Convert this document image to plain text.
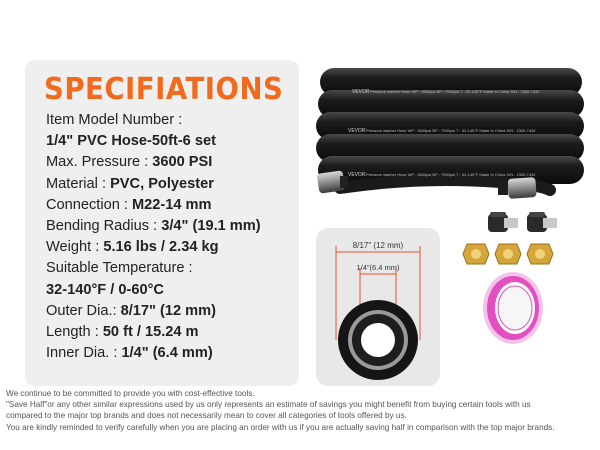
SPECIFIATIONS
Item Model Number :
1/4" PVC Hose-50ft-6 set
Max. Pressure : 3600 PSI
Material : PVC, Polyester
Connection : M22-14 mm
Bending Radius : 3/4" (19.1 mm)
Weight : 5.16 lbs / 2.34 kg
Suitable Temperature :
32-140°F / 0-60°C
Outer Dia.: 8/17" (12 mm)
Length : 50 ft / 15.24 m
Inner Dia. : 1/4" (6.4 mm)
VEVOR Pressure washer Hose WP : 3600psi BP : 7900psi T : 32-140°F Made In China S/N : 2306.7434
VEVOR Pressure washer Hose WP : 3600psi BP : 7900psi T : 32-140°F Made In China S/N : 2306.7434
VEVOR Pressure washer Hose WP : 3600psi BP : 7900psi T : 32-140°F Made In China S/N : 2306.7434
8/17" (12 mm)
1/4"(6.4 mm)
We continue to be committed to provide you with cost-effective tools.
"Save Half"or any other similar expressions used by us only represents an estimate of savings you might benefit from buying certain tools with us
compared to the major top brands and does not necessarily mean to cover all categories of tools offered by us.
You are kindly reminded to verify carefully when you are placing an order with us if you are actually saving half in comparison with the top major brands.
